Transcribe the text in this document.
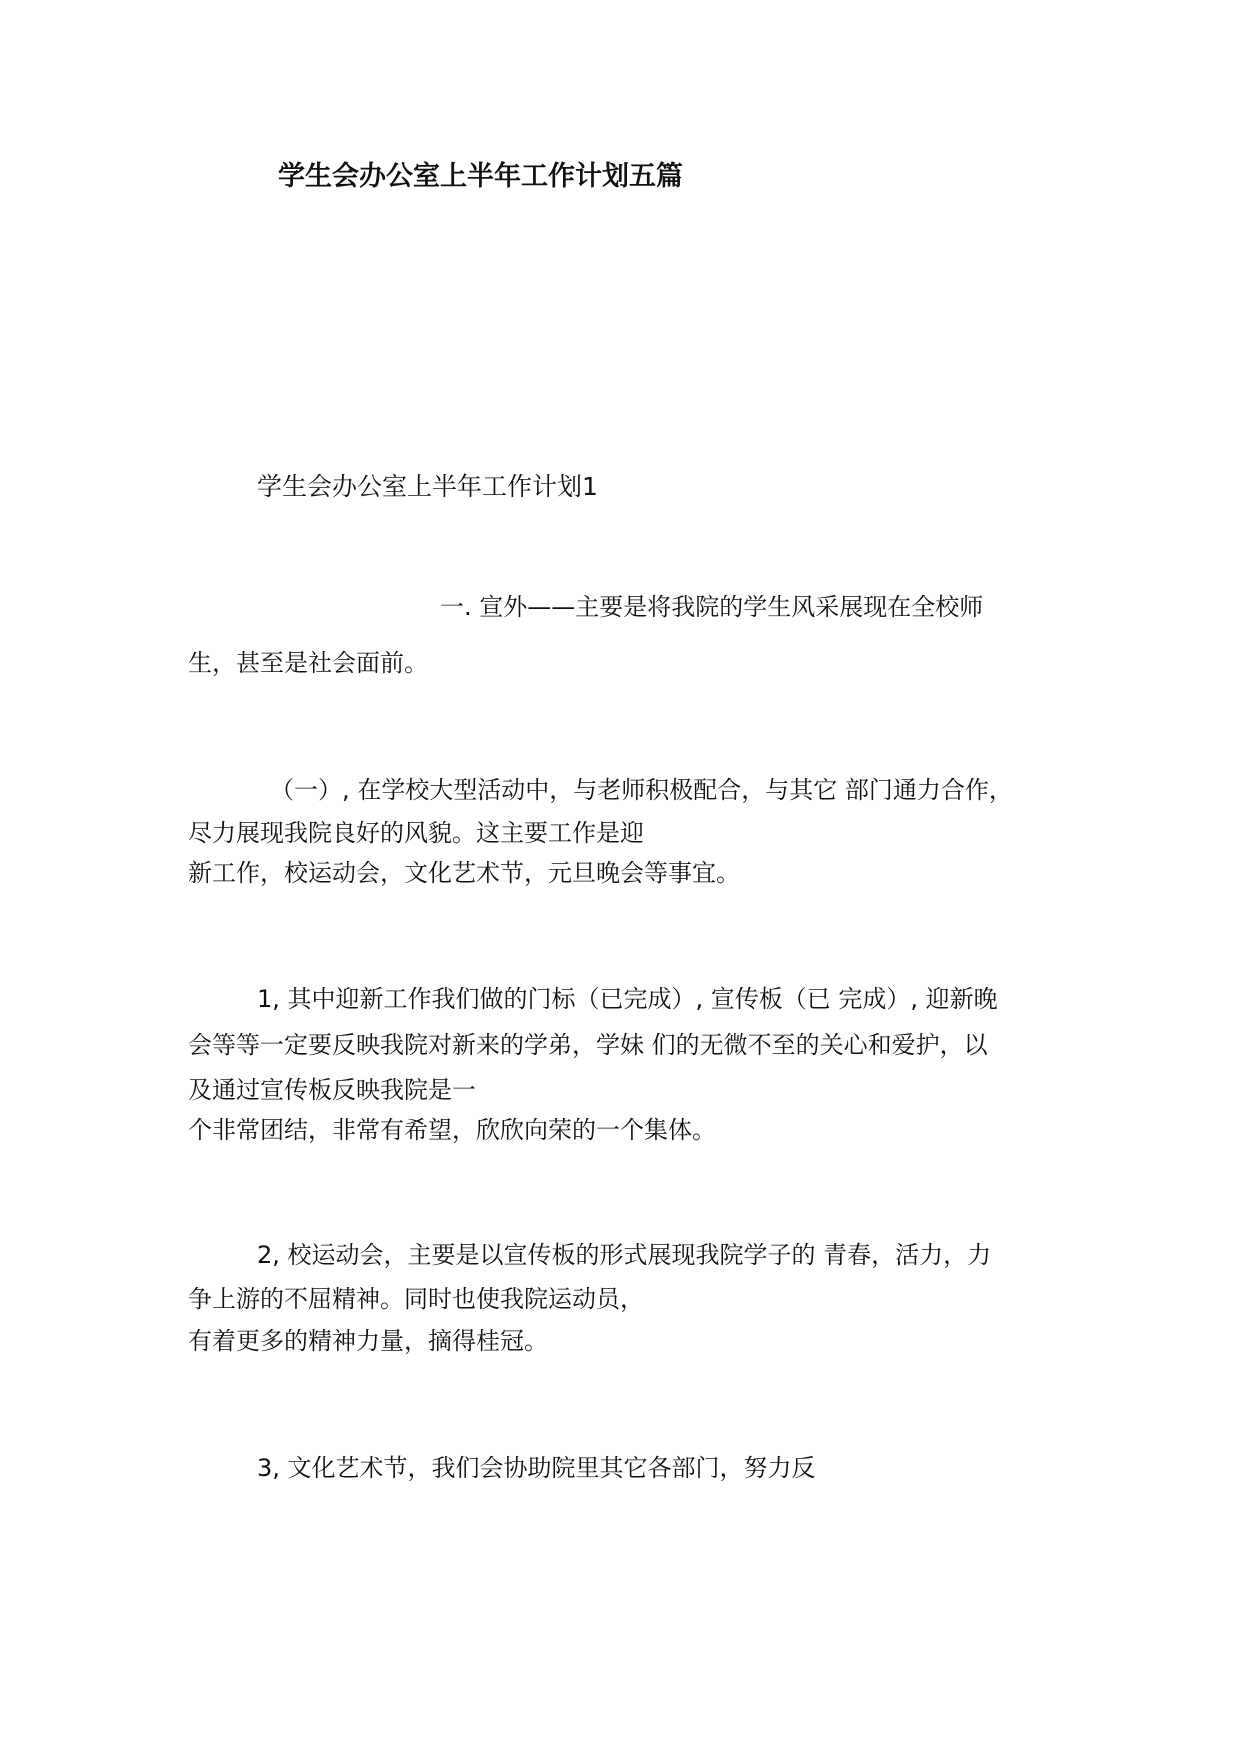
学生会办公室上半年工作计划五篇
学生会办公室上半年工作计划1
一. 宣外——主要是将我院的学生风采展现在全校师
生，甚至是社会面前。
（一）, 在学校大型活动中，与老师积极配合，与其它 部门通力合作，
尽力展现我院良好的风貌。这主要工作是迎
新工作，校运动会，文化艺术节，元旦晚会等事宜。
1, 其中迎新工作我们做的门标（已完成）, 宣传板（已 完成）, 迎新晚
会等等一定要反映我院对新来的学弟，学妹 们的无微不至的关心和爱护，以
及通过宣传板反映我院是一
个非常团结，非常有希望，欣欣向荣的一个集体。
2, 校运动会，主要是以宣传板的形式展现我院学子的 青春，活力，力
争上游的不屈精神。同时也使我院运动员，
有着更多的精神力量，摘得桂冠。
3, 文化艺术节，我们会协助院里其它各部门，努力反
